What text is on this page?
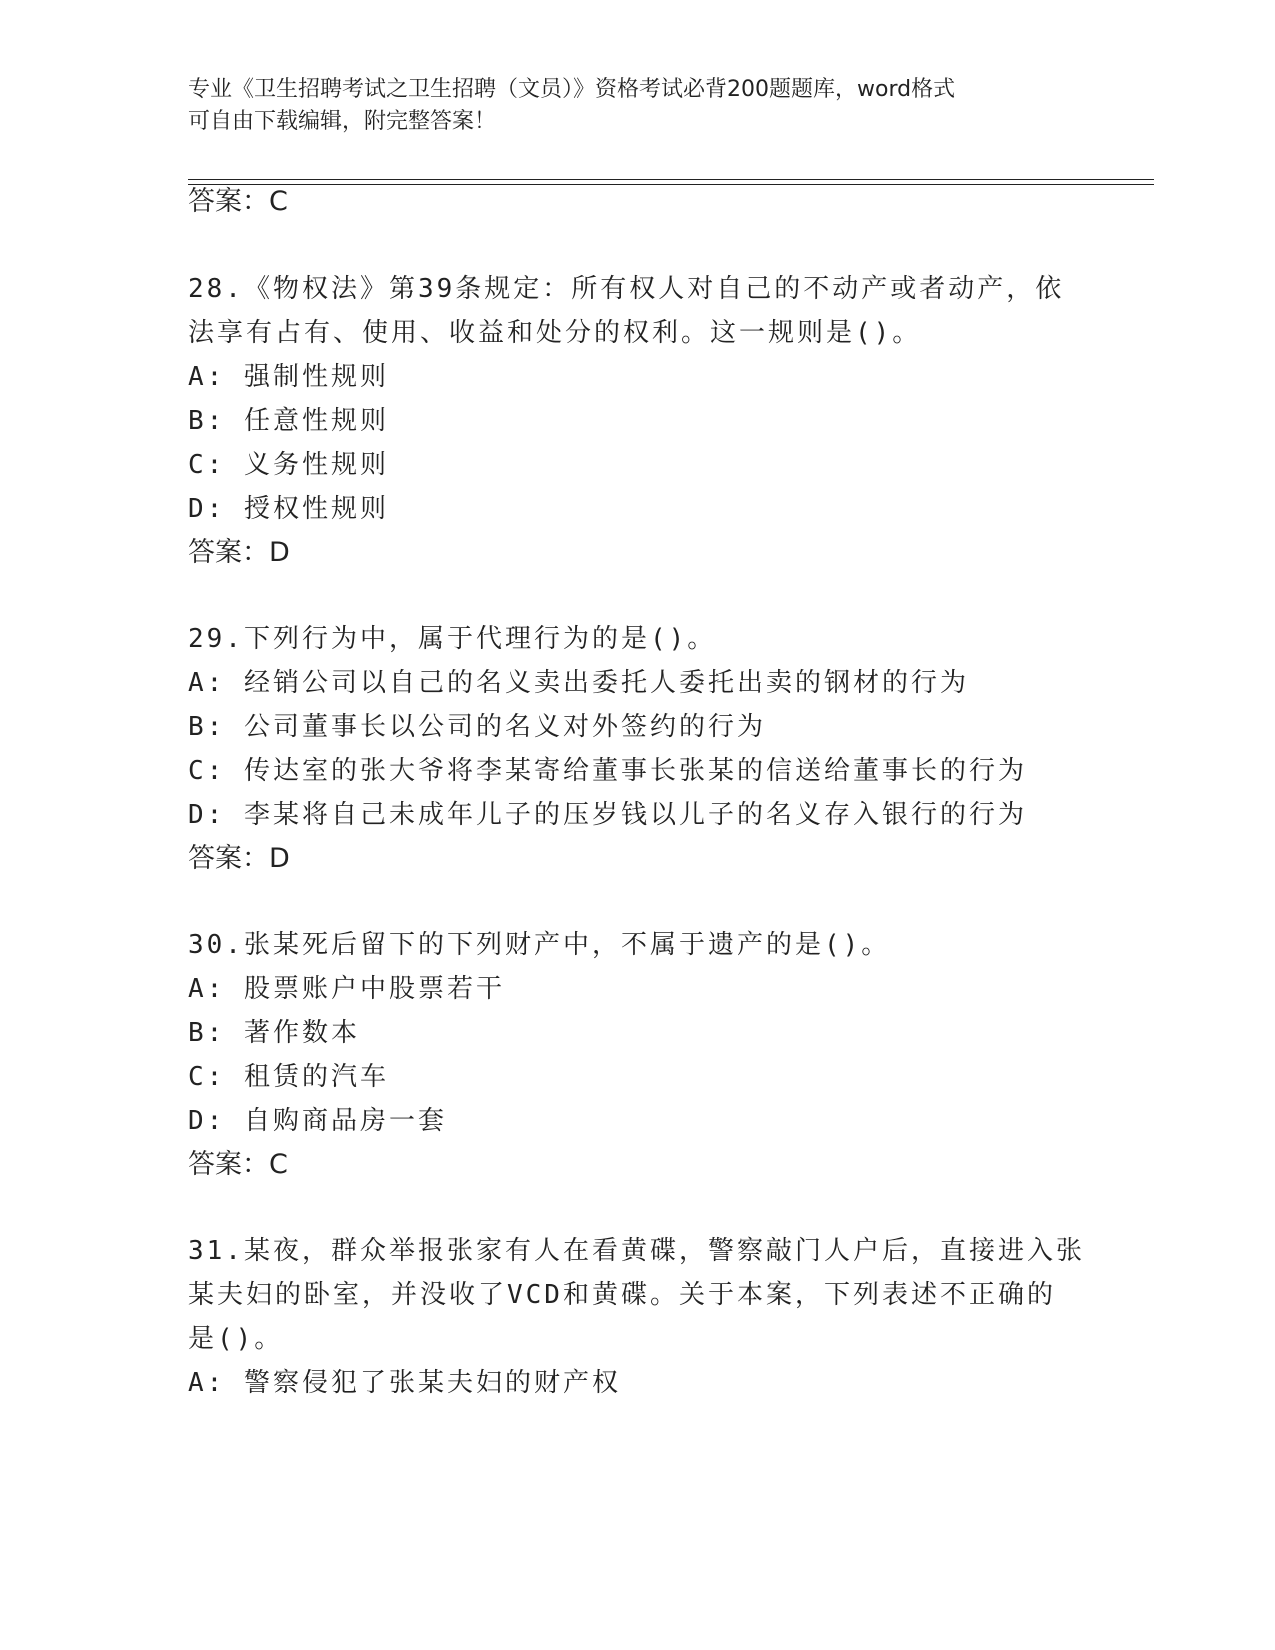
专业《卫生招聘考试之卫生招聘（文员）》资格考试必背200题题库，word格式
可自由下载编辑，附完整答案！
答案：C
28.《物权法》第39条规定：所有权人对自己的不动产或者动产，依
法享有占有、使用、收益和处分的权利。这一规则是()。
A: 强制性规则
B: 任意性规则
C: 义务性规则
D: 授权性规则
答案：D
29.下列行为中，属于代理行为的是()。
A: 经销公司以自己的名义卖出委托人委托出卖的钢材的行为
B: 公司董事长以公司的名义对外签约的行为
C: 传达室的张大爷将李某寄给董事长张某的信送给董事长的行为
D: 李某将自己未成年儿子的压岁钱以儿子的名义存入银行的行为
答案：D
30.张某死后留下的下列财产中，不属于遗产的是()。
A: 股票账户中股票若干
B: 著作数本
C: 租赁的汽车
D: 自购商品房一套
答案：C
31.某夜，群众举报张家有人在看黄碟，警察敲门人户后，直接进入张
某夫妇的卧室，并没收了VCD和黄碟。关于本案，下列表述不正确的
是()。
A: 警察侵犯了张某夫妇的财产权
